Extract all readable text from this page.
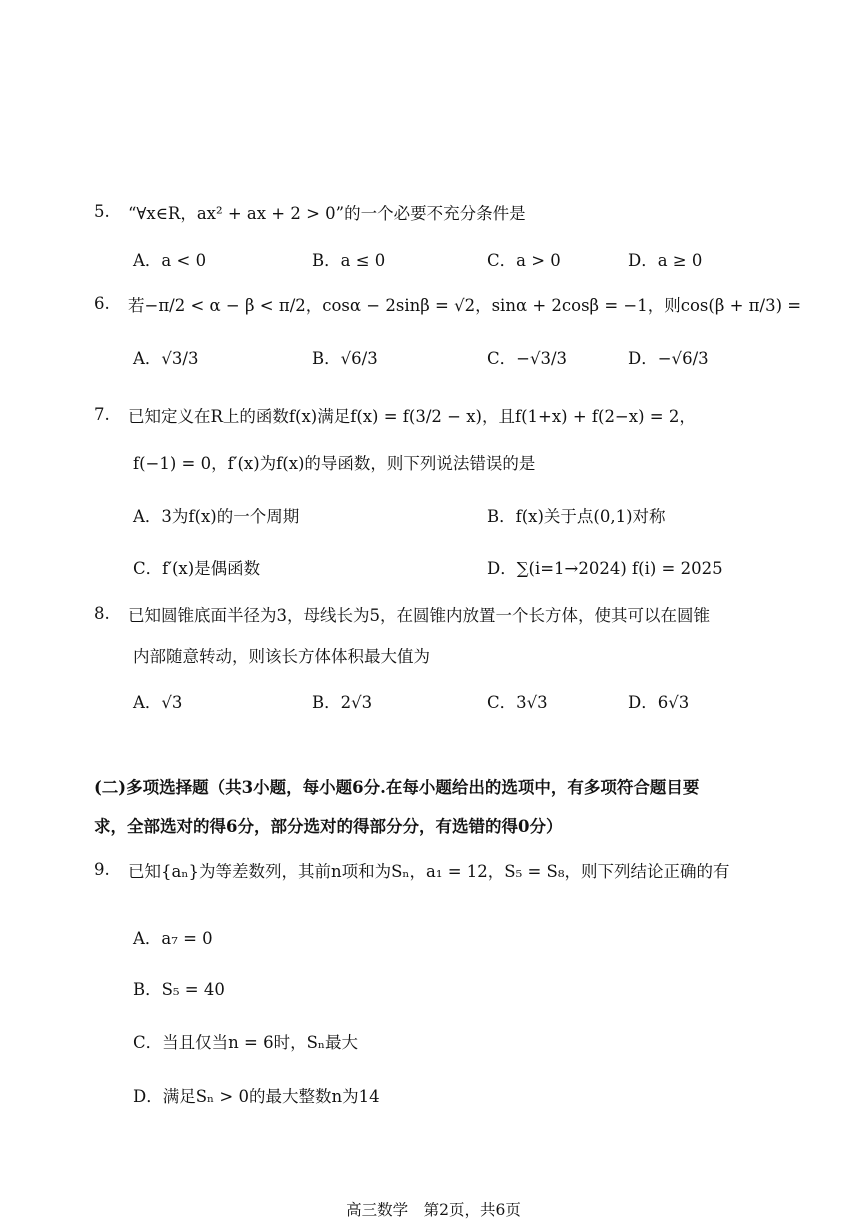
5. “∀x∈R，ax² + ax + 2 > 0”的一个必要不充分条件是
A．a < 0	B．a ≤ 0	C．a > 0	D．a ≥ 0
6. 若−π/2 < α − β < π/2，cosα − 2sinβ = √2，sinα + 2cosβ = −1，则cos(β + π/3) =
A．√3/3	B．√6/3	C．−√3/3	D．−√6/3
7. 已知定义在R上的函数f(x)满足f(x) = f(3/2 − x)，且f(1+x) + f(2−x) = 2，
f(−1) = 0，f′(x)为f(x)的导函数，则下列说法错误的是
A．3为f(x)的一个周期	B．f(x)关于点(0,1)对称
C．f′(x)是偶函数	D．∑(i=1→2024) f(i) = 2025
8. 已知圆锥底面半径为3，母线长为5，在圆锥内放置一个长方体，使其可以在圆锥
内部随意转动，则该长方体体积最大值为
A．√3	B．2√3	C．3√3	D．6√3
(二)多项选择题（共3小题，每小题6分.在每小题给出的选项中，有多项符合题目要
求，全部选对的得6分，部分选对的得部分分，有选错的得0分）
9. 已知{aₙ}为等差数列，其前n项和为Sₙ，a₁ = 12，S₅ = S₈，则下列结论正确的有
A．a₇ = 0
B．S₅ = 40
C．当且仅当n = 6时，Sₙ最大
D．满足Sₙ > 0的最大整数n为14
高三数学　第2页，共6页
